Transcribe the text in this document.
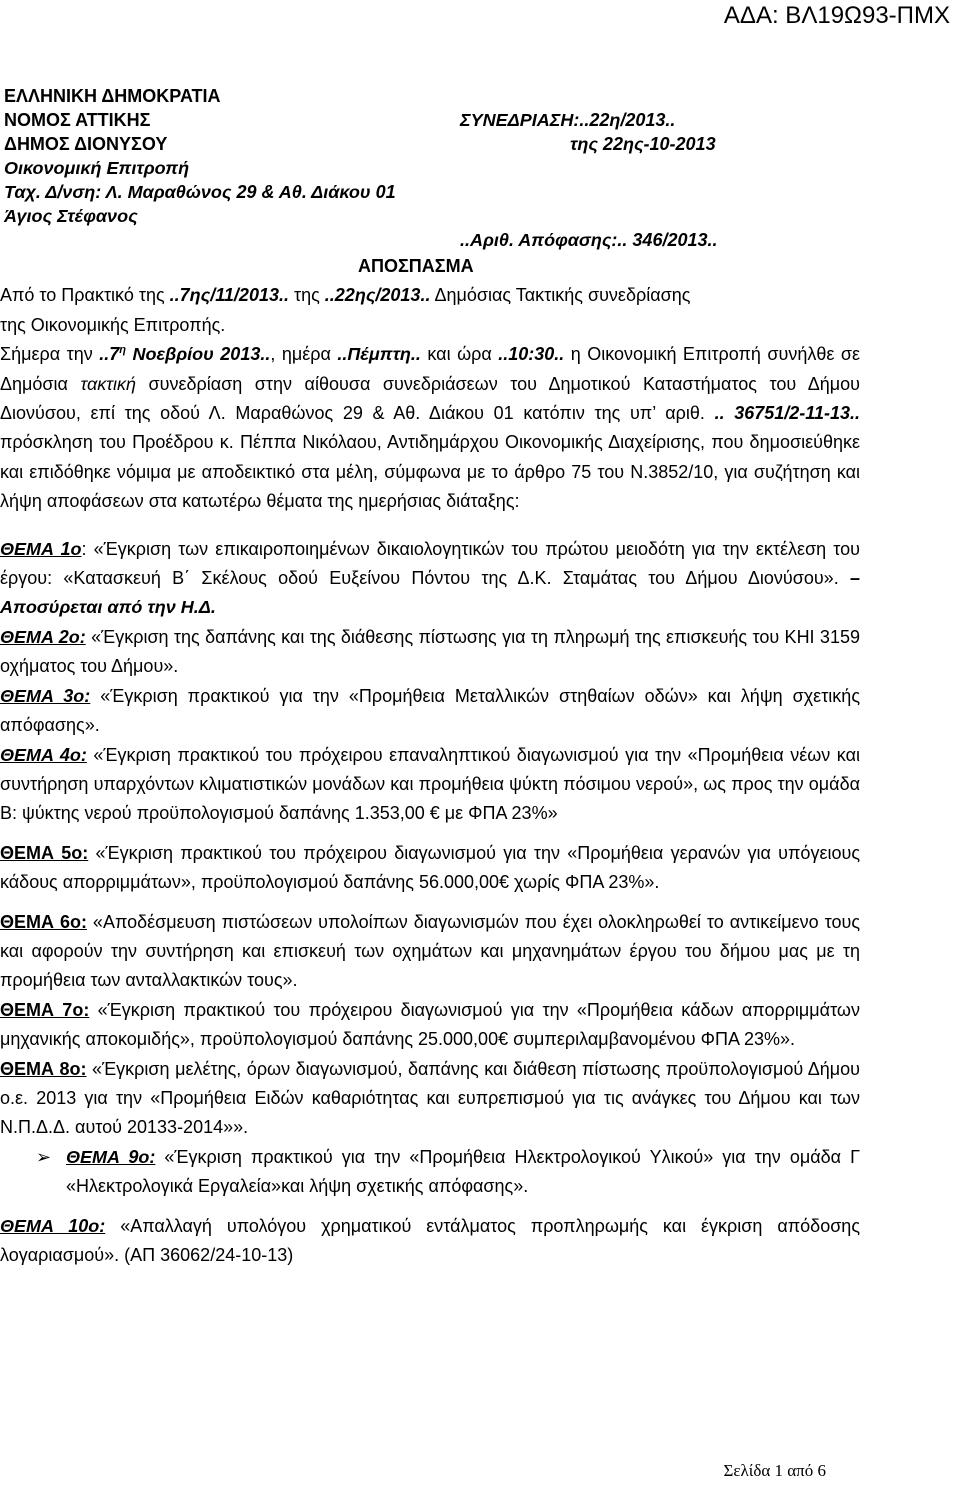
ΑΔΑ: ΒΛ19Ω93-ΠΜΧ
ΕΛΛΗΝΙΚΗ ΔΗΜΟΚΡΑΤΙΑ
ΝΟΜΟΣ ΑΤΤΙΚΗΣ
ΔΗΜΟΣ ΔΙΟΝΥΣΟΥ
Οικονομική Επιτροπή
Ταχ. Δ/νση: Λ. Μαραθώνος 29 & Αθ. Διάκου 01
Άγιος Στέφανος
ΣΥΝΕΔΡΙΑΣΗ:..22η/2013..
της 22ης-10-2013
..Αριθ. Απόφασης:.. 346/2013..

ΑΠΟΣΠΑΣΜΑ

Από το Πρακτικό της ..7ης/11/2013.. της ..22ης/2013.. Δημόσιας Τακτικής συνεδρίασης

της Οικονομικής Επιτροπής.

Σήμερα την $..7^\eta$ Νοεβρίου 2013.., ημέρα ..Πέμπτη.. και ώρα ..10:30.. η Οικονομική Επιτροπή συνήλθε σε Δημόσια τακτική συνεδρίαση στην αίθουσα συνεδριάσεων του Δημοτικού Καταστήματος του Δήμου Διονύσου, επί της οδού Λ. Μαραθώνος 29 & Αθ. Διάκου 01 κατόπιν της υπ’ αριθ. .. 36751/2-11-13.. πρόσκληση του Προέδρου κ. Πέππα Νικόλαου, Αντιδημάρχου Οικονομικής Διαχείρισης, που δημοσιεύθηκε και επιδόθηκε νόμιμα με αποδεικτικό στα μέλη, σύμφωνα με το άρθρο 75 του Ν.3852/10, για συζήτηση και λήψη αποφάσεων στα κατωτέρω θέματα της ημερήσιας διάταξης:

ΘΕΜΑ 1ο: «Έγκριση των επικαιροποιημένων δικαιολογητικών του πρώτου μειοδότη για την εκτέλεση του έργου: «Κατασκευή Β΄ Σκέλους οδού Ευξείνου Πόντου της Δ.Κ. Σταμάτας του Δήμου Διονύσου». – Αποσύρεται από την Η.Δ.

ΘΕΜΑ 2ο: «Έγκριση της δαπάνης και της διάθεσης πίστωσης για τη πληρωμή της επισκευής του ΚΗΙ 3159 οχήματος του Δήμου».

ΘΕΜΑ 3ο: «Έγκριση πρακτικού για την «Προμήθεια Μεταλλικών στηθαίων οδών» και λήψη σχετικής απόφασης».

ΘΕΜΑ 4ο: «Έγκριση πρακτικού του πρόχειρου επαναληπτικού διαγωνισμού για την «Προμήθεια νέων και συντήρηση υπαρχόντων κλιματιστικών μονάδων και προμήθεια ψύκτη πόσιμου νερού», ως προς την ομάδα Β: ψύκτης νερού προϋπολογισμού δαπάνης 1.353,00 € με ΦΠΑ 23%»

ΘΕΜΑ 5ο: «Έγκριση πρακτικού του πρόχειρου διαγωνισμού για την «Προμήθεια γερανών για υπόγειους κάδους απορριμμάτων», προϋπολογισμού δαπάνης 56.000,00€ χωρίς ΦΠΑ 23%».

ΘΕΜΑ 6ο: «Αποδέσμευση πιστώσεων υπολοίπων διαγωνισμών που έχει ολοκληρωθεί το αντικείμενο τους και αφορούν την συντήρηση και επισκευή των οχημάτων και μηχανημάτων έργου του δήμου μας με τη προμήθεια των ανταλλακτικών τους».

ΘΕΜΑ 7ο: «Έγκριση πρακτικού του πρόχειρου διαγωνισμού για την «Προμήθεια κάδων απορριμμάτων μηχανικής αποκομιδής», προϋπολογισμού δαπάνης 25.000,00€ συμπεριλαμβανομένου ΦΠΑ 23%».

ΘΕΜΑ 8ο: «Έγκριση μελέτης, όρων διαγωνισμού, δαπάνης και διάθεση πίστωσης προϋπολογισμού Δήμου ο.ε. 2013 για την «Προμήθεια Ειδών καθαριότητας και ευπρεπισμού για τις ανάγκες του Δήμου και των Ν.Π.Δ.Δ. αυτού 20133-2014»».

➢ ΘΕΜΑ 9ο: «Έγκριση πρακτικού για την «Προμήθεια Ηλεκτρολογικού Υλικού» για την ομάδα Γ «Ηλεκτρολογικά Εργαλεία»και λήψη σχετικής απόφασης».

ΘΕΜΑ 10ο: «Απαλλαγή υπολόγου χρηματικού εντάλματος προπληρωμής και έγκριση απόδοσης λογαριασμού». (ΑΠ 36062/24-10-13)

Σελίδα 1 από 6
